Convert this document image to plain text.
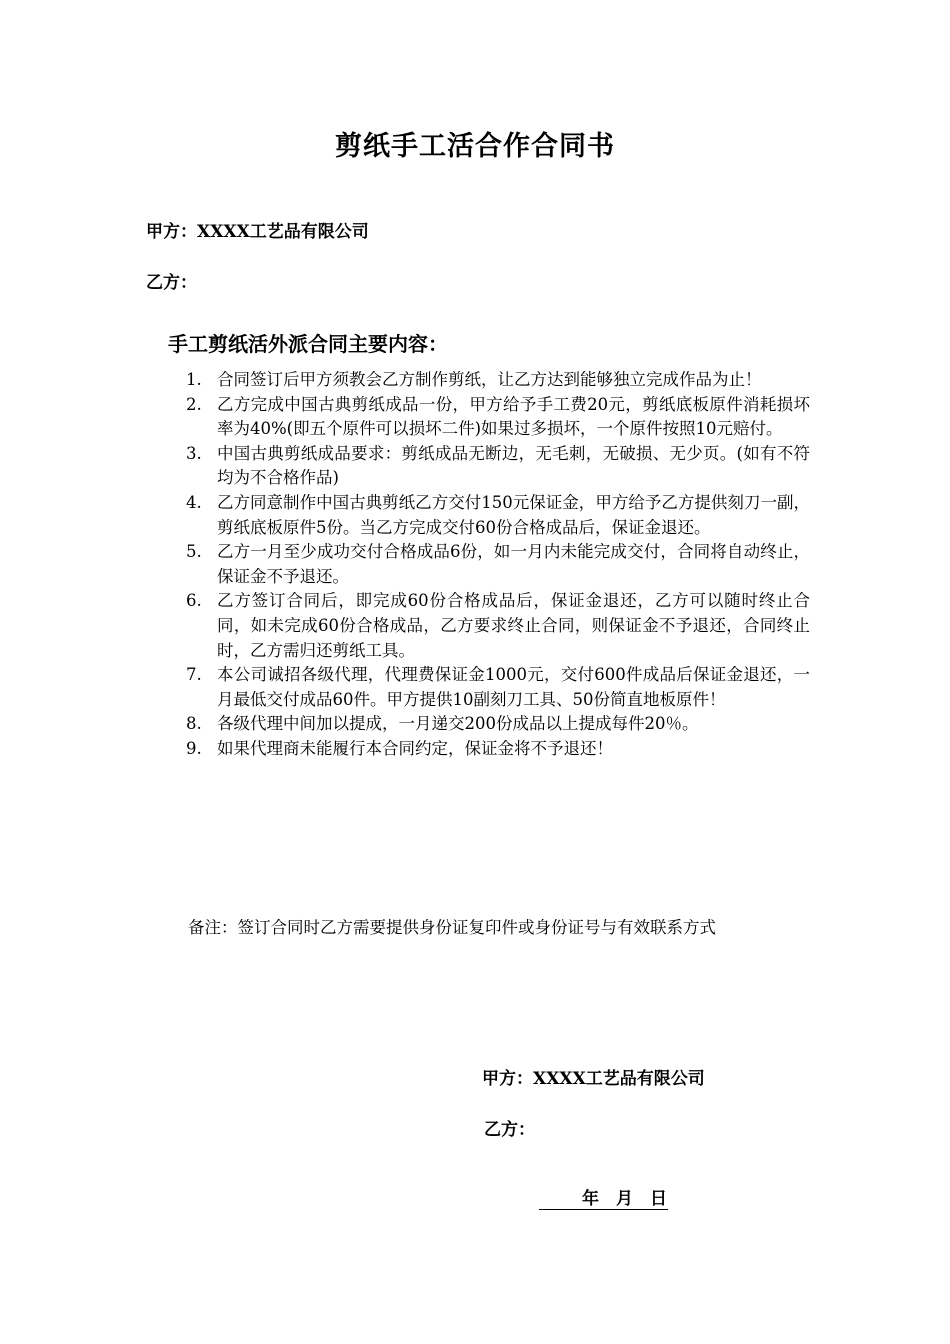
剪纸手工活合作合同书
甲方：XXXX工艺品有限公司
乙方：
手工剪纸活外派合同主要内容：
1. 合同签订后甲方须教会乙方制作剪纸，让乙方达到能够独立完成作品为止！
2. 乙方完成中国古典剪纸成品一份，甲方给予手工费20元，剪纸底板原件消耗损坏率为40%(即五个原件可以损坏二件)如果过多损坏，一个原件按照10元赔付。
3. 中国古典剪纸成品要求：剪纸成品无断边，无毛刺，无破损、无少页。(如有不符均为不合格作品)
4. 乙方同意制作中国古典剪纸乙方交付150元保证金，甲方给予乙方提供刻刀一副，剪纸底板原件5份。当乙方完成交付60份合格成品后，保证金退还。
5. 乙方一月至少成功交付合格成品6份，如一月内未能完成交付，合同将自动终止，保证金不予退还。
6. 乙方签订合同后，即完成60份合格成品后，保证金退还，乙方可以随时终止合同，如未完成60份合格成品，乙方要求终止合同，则保证金不予退还，合同终止时，乙方需归还剪纸工具。
7. 本公司诚招各级代理，代理费保证金1000元，交付600件成品后保证金退还，一月最低交付成品60件。甲方提供10副刻刀工具、50份简直地板原件！
8. 各级代理中间加以提成，一月递交200份成品以上提成每件20％。
9. 如果代理商未能履行本合同约定，保证金将不予退还！
备注：签订合同时乙方需要提供身份证复印件或身份证号与有效联系方式
甲方：XXXX工艺品有限公司
乙方：
年　月　日
